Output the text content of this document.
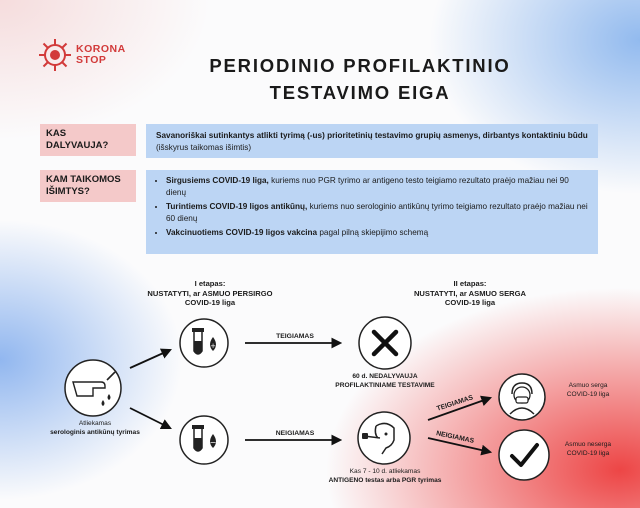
KORONA
STOP	PERIODINIO PROFILAKTINIO
TESTAVIMO EIGA
KAS DALYVAUJA?
Savanoriškai sutinkantys atlikti tyrimą (-us) prioritetinių testavimo grupių asmenys, dirbantys kontaktiniu būdu (išskyrus taikomas išimtis)
KAM TAIKOMOS IŠIMTYS?
• Sirgusiems COVID-19 liga, kuriems nuo PGR tyrimo ar antigeno testo teigiamo rezultato praėjo mažiau nei 90 dienų
• Turintiems COVID-19 ligos antikūnų, kuriems nuo serologinio antikūnų tyrimo teigiamo rezultato praėjo mažiau nei 60 dienų
• Vakcinuotiems COVID-19 ligos vakcina pagal pilną skiepijimo schemą
I etapas:
NUSTATYTI, ar ASMUO PERSIRGO
COVID-19 liga
II etapas:
NUSTATYTI, ar ASMUO SERGA
COVID-19 liga
Atliekamas
serologinis antikūnų tyrimas
TEIGIAMAS
NEIGIAMAS
TEIGIAMAS
NEIGIAMAS
+
−
60 d. NEDALYVAUJA
PROFILAKTINIAME TESTAVIME
Kas 7 - 10 d. atliekamas
ANTIGENO testas arba PGR tyrimas
Asmuo serga
COVID-19 liga
Asmuo neserga
COVID-19 liga
